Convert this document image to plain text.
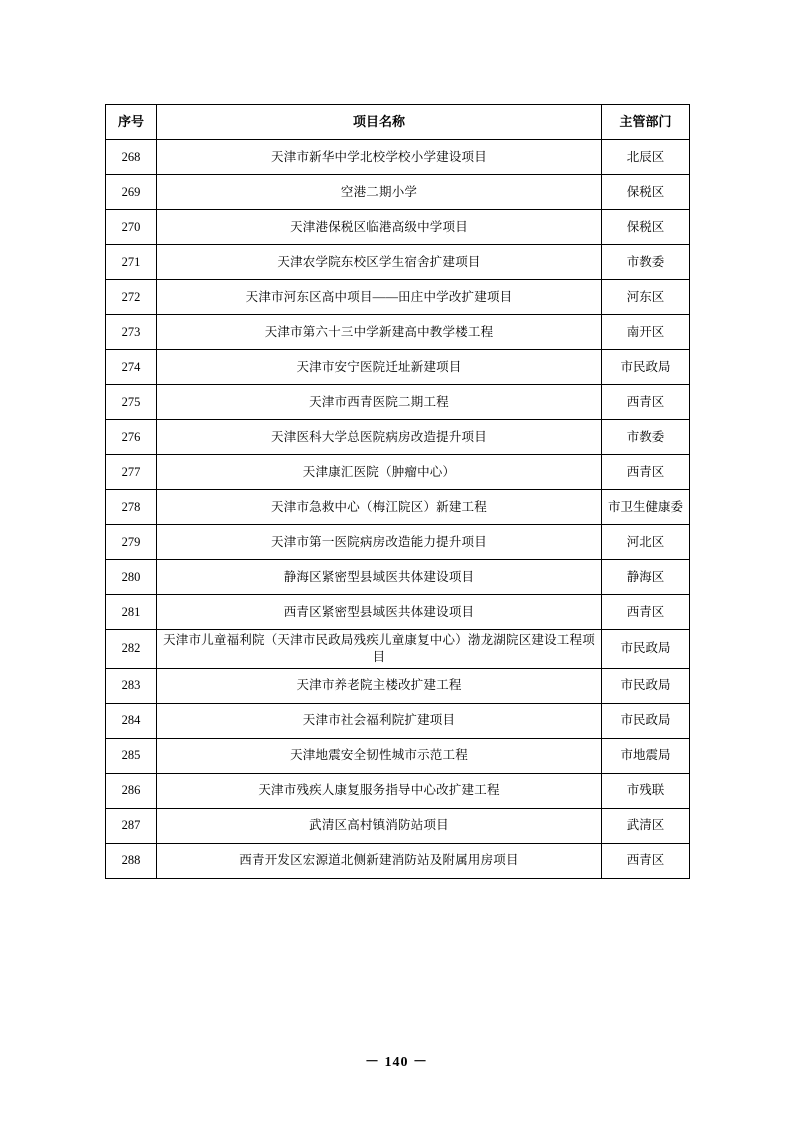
序号	项目名称	主管部门
268	天津市新华中学北校学校小学建设项目	北辰区
269	空港二期小学	保税区
270	天津港保税区临港高级中学项目	保税区
271	天津农学院东校区学生宿舍扩建项目	市教委
272	天津市河东区高中项目——田庄中学改扩建项目	河东区
273	天津市第六十三中学新建高中教学楼工程	南开区
274	天津市安宁医院迁址新建项目	市民政局
275	天津市西青医院二期工程	西青区
276	天津医科大学总医院病房改造提升项目	市教委
277	天津康汇医院（肿瘤中心）	西青区
278	天津市急救中心（梅江院区）新建工程	市卫生健康委
279	天津市第一医院病房改造能力提升项目	河北区
280	静海区紧密型县域医共体建设项目	静海区
281	西青区紧密型县域医共体建设项目	西青区
282	天津市儿童福利院（天津市民政局残疾儿童康复中心）渤龙湖院区建设工程项目	市民政局
283	天津市养老院主楼改扩建工程	市民政局
284	天津市社会福利院扩建项目	市民政局
285	天津地震安全韧性城市示范工程	市地震局
286	天津市残疾人康复服务指导中心改扩建工程	市残联
287	武清区高村镇消防站项目	武清区
288	西青开发区宏源道北侧新建消防站及附属用房项目	西青区
－ 140 －
